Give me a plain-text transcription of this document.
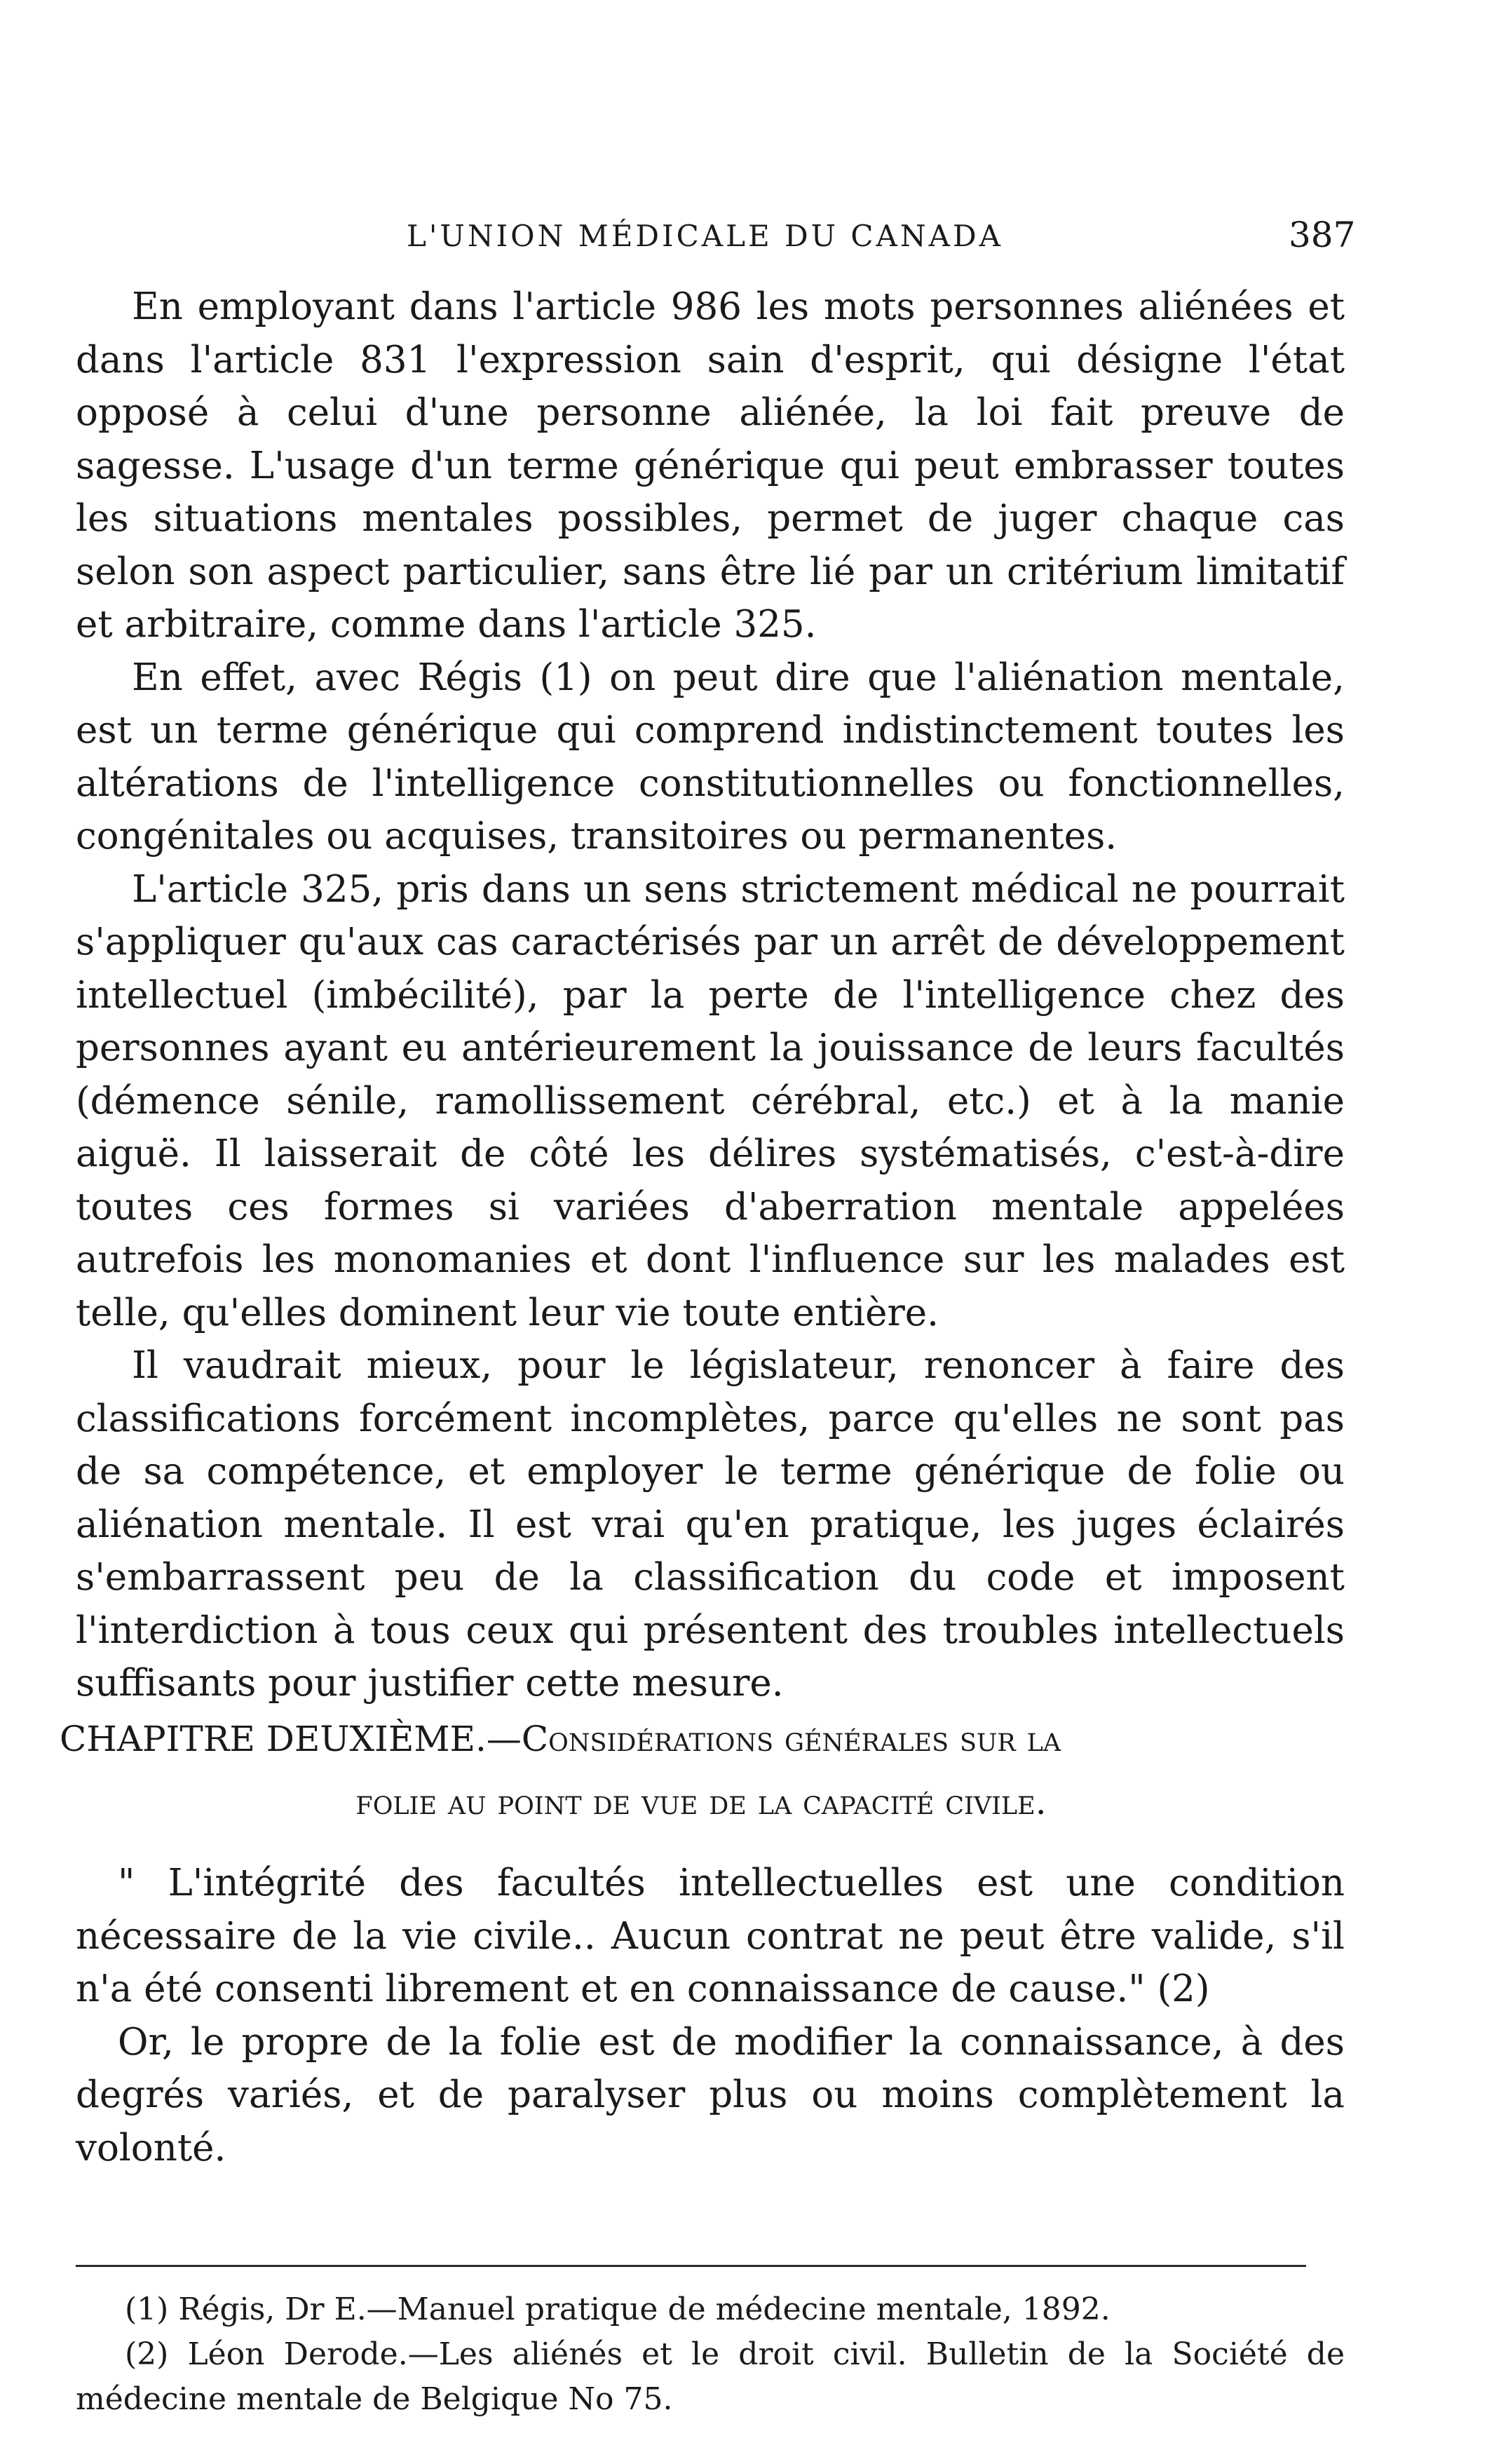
L'UNION MÉDICALE DU CANADA	387

En employant dans l'article 986 les mots personnes aliénées et dans l'article 831 l'expression sain d'esprit, qui désigne l'état opposé à celui d'une personne aliénée, la loi fait preuve de sagesse. L'usage d'un terme générique qui peut embrasser toutes les situations mentales possibles, permet de juger chaque cas selon son aspect particulier, sans être lié par un critérium limitatif et arbitraire, comme dans l'article 325.

En effet, avec Régis (1) on peut dire que l'aliénation mentale, est un terme générique qui comprend indistinctement toutes les altérations de l'intelligence constitutionnelles ou fonctionnelles, congénitales ou acquises, transitoires ou permanentes.

L'article 325, pris dans un sens strictement médical ne pourrait s'appliquer qu'aux cas caractérisés par un arrêt de développement intellectuel (imbécilité), par la perte de l'intelligence chez des personnes ayant eu antérieurement la jouissance de leurs facultés (démence sénile, ramollissement cérébral, etc.) et à la manie aiguë. Il laisserait de côté les délires systématisés, c'est-à-dire toutes ces formes si variées d'aberration mentale appelées autrefois les monomanies et dont l'influence sur les malades est telle, qu'elles dominent leur vie toute entière.

Il vaudrait mieux, pour le législateur, renoncer à faire des classifications forcément incomplètes, parce qu'elles ne sont pas de sa compétence, et employer le terme générique de folie ou aliénation mentale. Il est vrai qu'en pratique, les juges éclairés s'embarrassent peu de la classification du code et imposent l'interdiction à tous ceux qui présentent des troubles intellectuels suffisants pour justifier cette mesure.

CHAPITRE DEUXIÈME.—Considérations générales sur la
folie au point de vue de la capacité civile.

" L'intégrité des facultés intellectuelles est une condition nécessaire de la vie civile.. Aucun contrat ne peut être valide, s'il n'a été consenti librement et en connaissance de cause." (2)

Or, le propre de la folie est de modifier la connaissance, à des degrés variés, et de paralyser plus ou moins complètement la volonté.

(1) Régis, Dr E.—Manuel pratique de médecine mentale, 1892.

(2) Léon Derode.—Les aliénés et le droit civil. Bulletin de la Société de médecine mentale de Belgique No 75.
